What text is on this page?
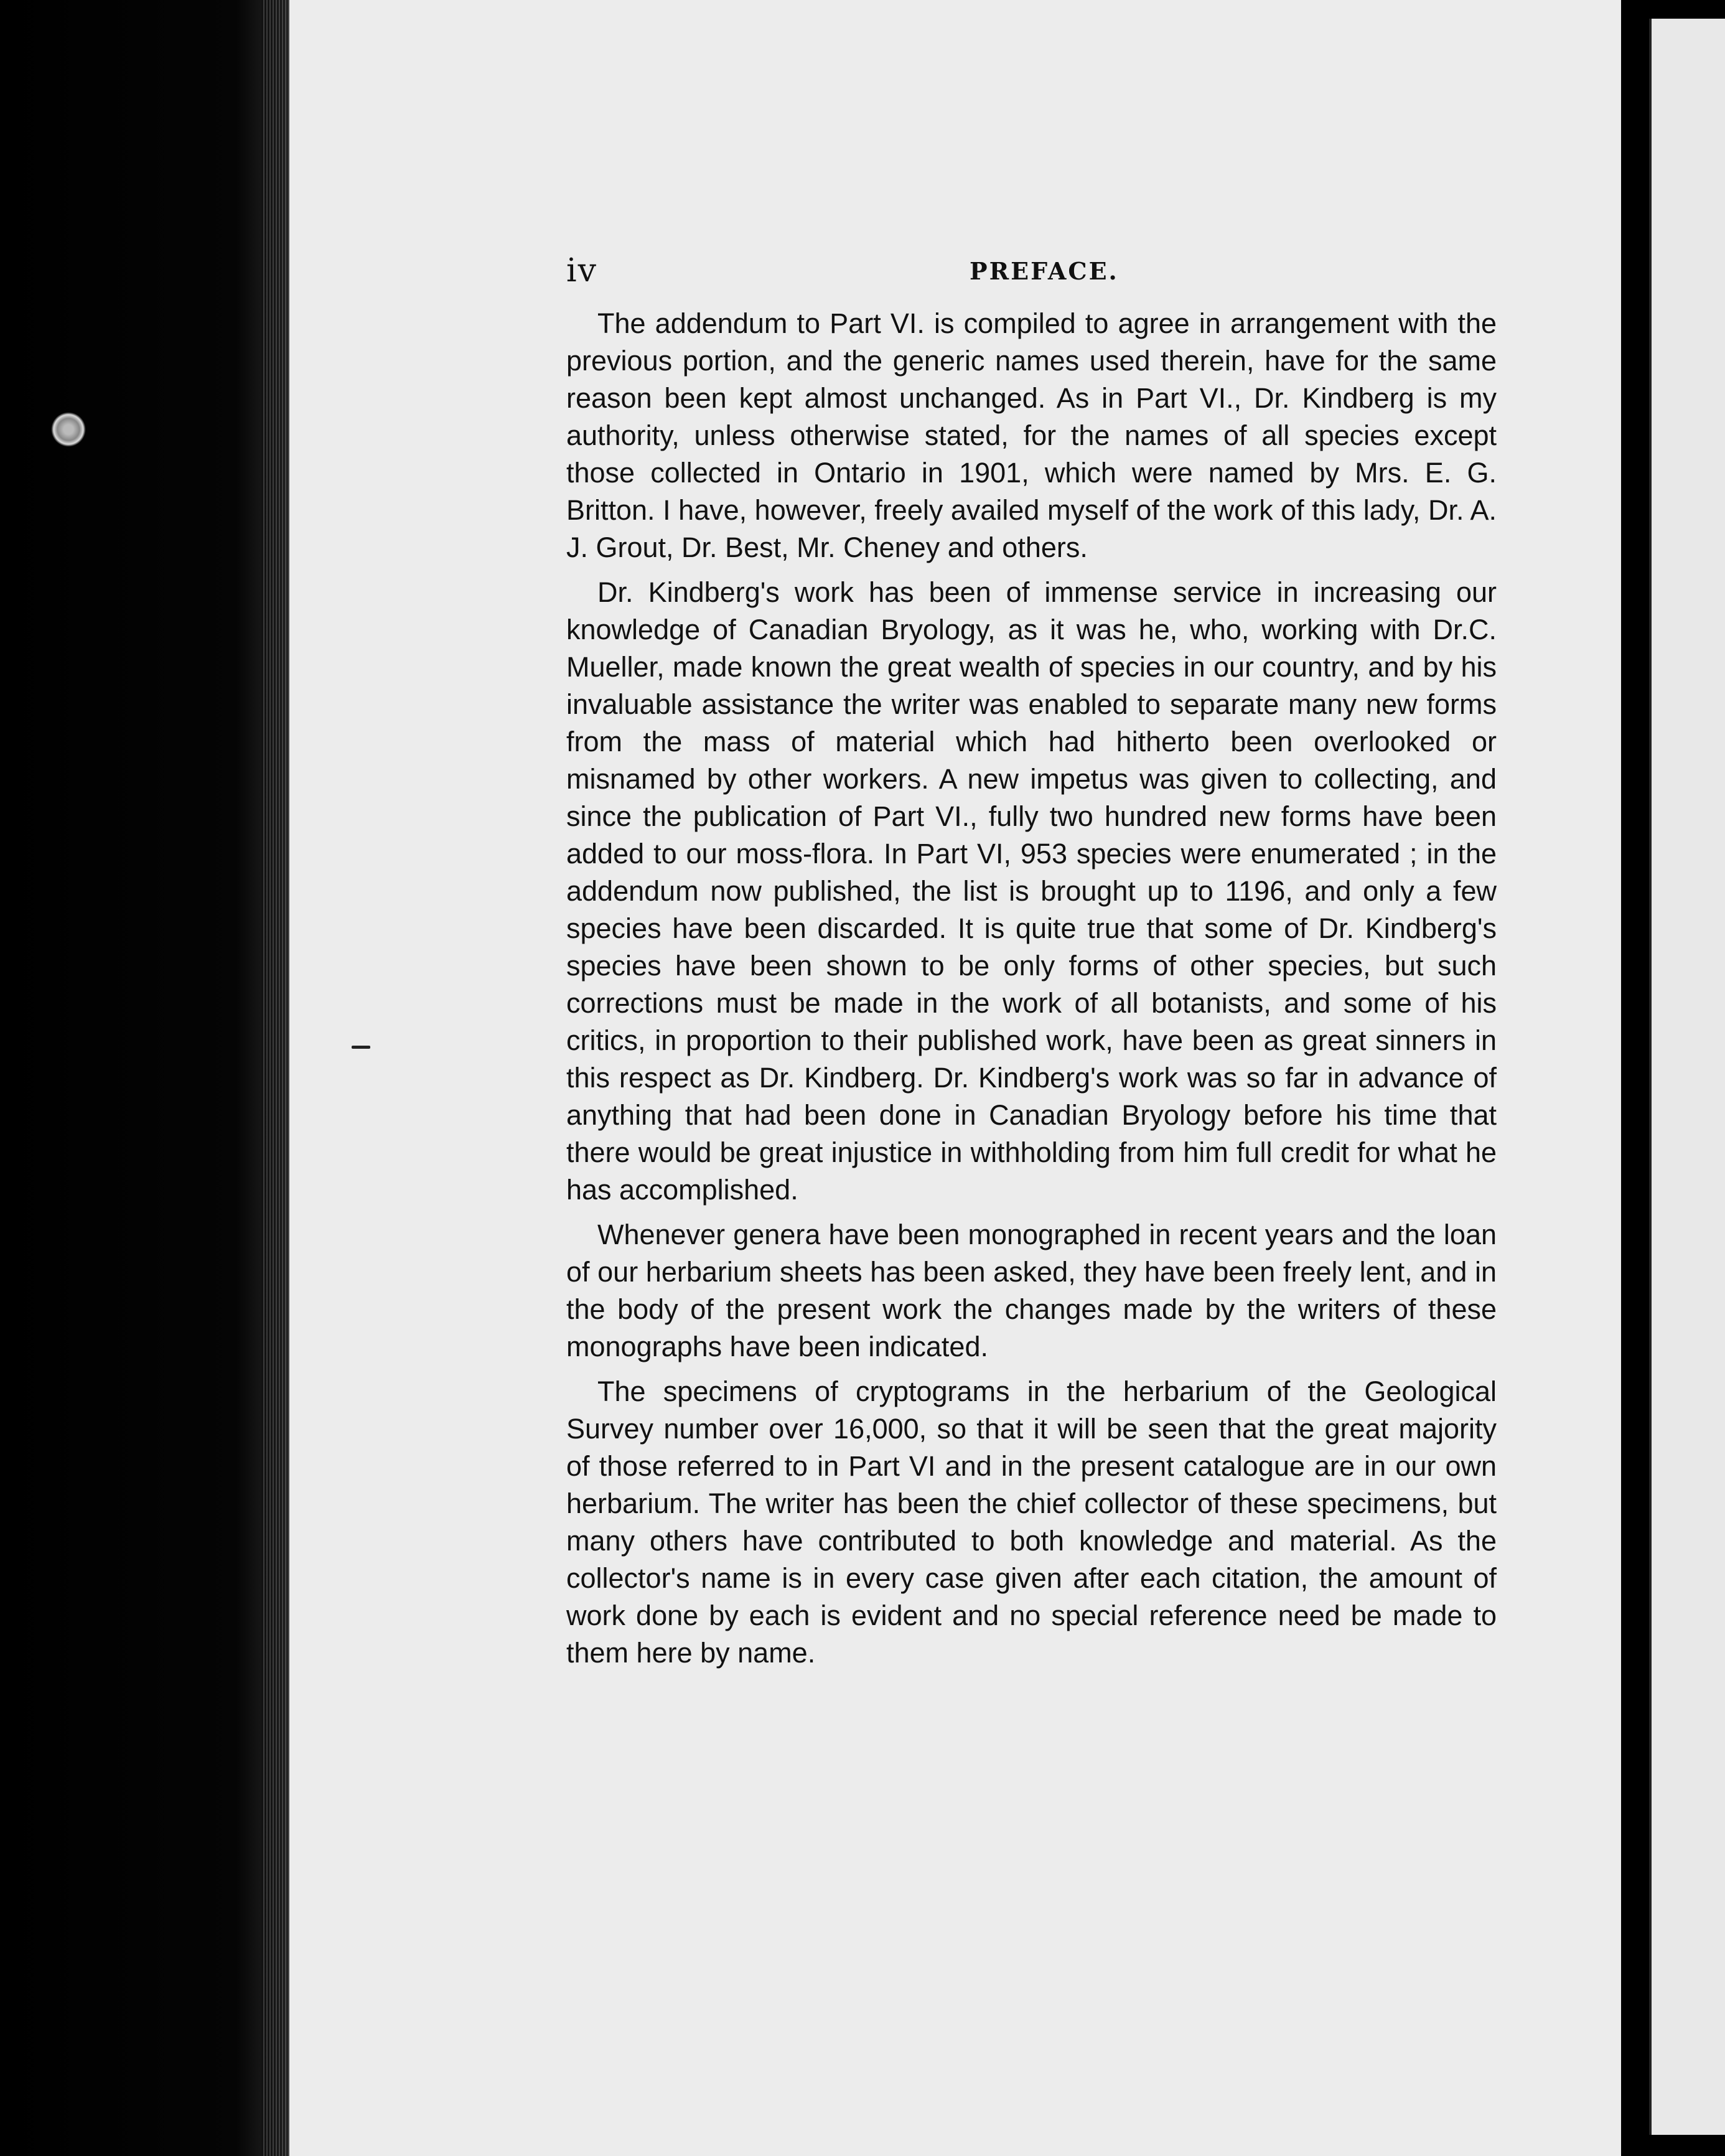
iv	PREFACE.

The addendum to Part VI. is compiled to agree in arrangement with the previous portion, and the generic names used therein, have for the same reason been kept almost unchanged. As in Part VI., Dr. Kindberg is my authority, unless otherwise stated, for the names of all species except those collected in Ontario in 1901, which were named by Mrs. E. G. Britton. I have, however, freely availed myself of the work of this lady, Dr. A. J. Grout, Dr. Best, Mr. Cheney and others.

Dr. Kindberg's work has been of immense service in increasing our knowledge of Canadian Bryology, as it was he, who, working with Dr.C. Mueller, made known the great wealth of species in our country, and by his invaluable assistance the writer was enabled to separate many new forms from the mass of material which had hitherto been overlooked or misnamed by other workers. A new impetus was given to collecting, and since the publication of Part VI., fully two hundred new forms have been added to our moss-flora. In Part VI, 953 species were enumerated ; in the addendum now published, the list is brought up to 1196, and only a few species have been discarded. It is quite true that some of Dr. Kindberg's species have been shown to be only forms of other species, but such corrections must be made in the work of all botanists, and some of his critics, in proportion to their published work, have been as great sinners in this respect as Dr. Kindberg. Dr. Kindberg's work was so far in advance of anything that had been done in Canadian Bryology before his time that there would be great injustice in withholding from him full credit for what he has accomplished.

Whenever genera have been monographed in recent years and the loan of our herbarium sheets has been asked, they have been freely lent, and in the body of the present work the changes made by the writers of these monographs have been indicated.

The specimens of cryptograms in the herbarium of the Geological Survey number over 16,000, so that it will be seen that the great majority of those referred to in Part VI and in the present catalogue are in our own herbarium. The writer has been the chief collector of these specimens, but many others have contributed to both knowledge and material. As the collector's name is in every case given after each citation, the amount of work done by each is evident and no special reference need be made to them here by name.
